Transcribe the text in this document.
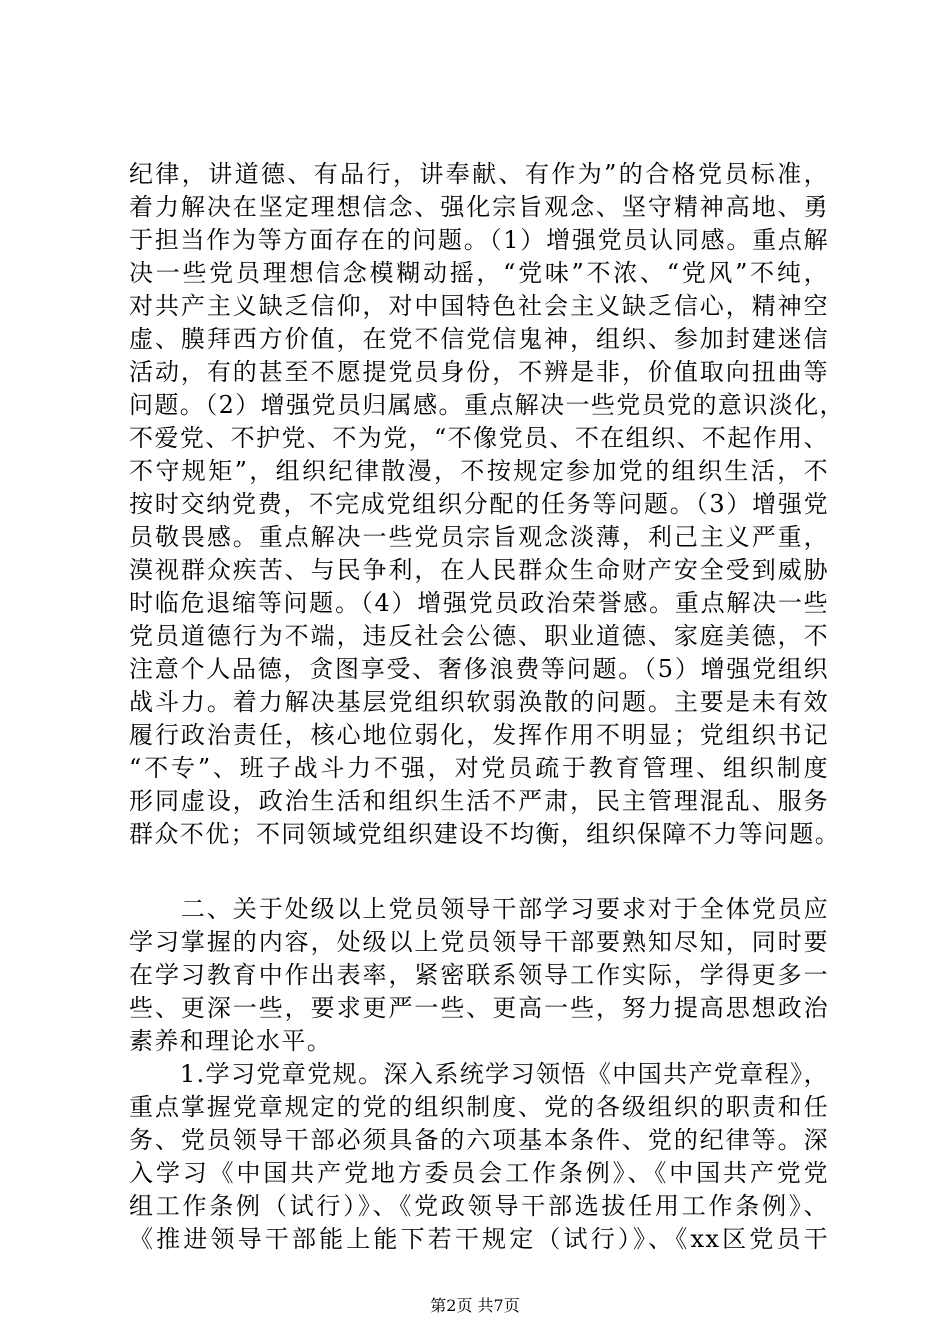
纪律，讲道德、有品行，讲奉献、有作为”的合格党员标准，
着力解决在坚定理想信念、强化宗旨观念、坚守精神高地、勇
于担当作为等方面存在的问题。（1）增强党员认同感。重点解
决一些党员理想信念模糊动摇，“党味”不浓、“党风”不纯，
对共产主义缺乏信仰，对中国特色社会主义缺乏信心，精神空
虚、膜拜西方价值，在党不信党信鬼神，组织、参加封建迷信
活动，有的甚至不愿提党员身份，不辨是非，价值取向扭曲等
问题。（2）增强党员归属感。重点解决一些党员党的意识淡化，
不爱党、不护党、不为党，“不像党员、不在组织、不起作用、
不守规矩”，组织纪律散漫，不按规定参加党的组织生活，不
按时交纳党费，不完成党组织分配的任务等问题。（3）增强党
员敬畏感。重点解决一些党员宗旨观念淡薄，利己主义严重，
漠视群众疾苦、与民争利，在人民群众生命财产安全受到威胁
时临危退缩等问题。（4）增强党员政治荣誉感。重点解决一些
党员道德行为不端，违反社会公德、职业道德、家庭美德，不
注意个人品德，贪图享受、奢侈浪费等问题。（5）增强党组织
战斗力。着力解决基层党组织软弱涣散的问题。主要是未有效
履行政治责任，核心地位弱化，发挥作用不明显；党组织书记
“不专”、班子战斗力不强，对党员疏于教育管理、组织制度
形同虚设，政治生活和组织生活不严肃，民主管理混乱、服务
群众不优；不同领域党组织建设不均衡，组织保障不力等问题。
　　二、关于处级以上党员领导干部学习要求对于全体党员应
学习掌握的内容，处级以上党员领导干部要熟知尽知，同时要
在学习教育中作出表率，紧密联系领导工作实际，学得更多一
些、更深一些，要求更严一些、更高一些，努力提高思想政治
素养和理论水平。
　　1.学习党章党规。深入系统学习领悟《中国共产党章程》，
重点掌握党章规定的党的组织制度、党的各级组织的职责和任
务、党员领导干部必须具备的六项基本条件、党的纪律等。深
入学习《中国共产党地方委员会工作条例》、《中国共产党党
组工作条例（试行）》、《党政领导干部选拔任用工作条例》、
《推进领导干部能上能下若干规定（试行）》、《xx区党员干
第2页 共7页
